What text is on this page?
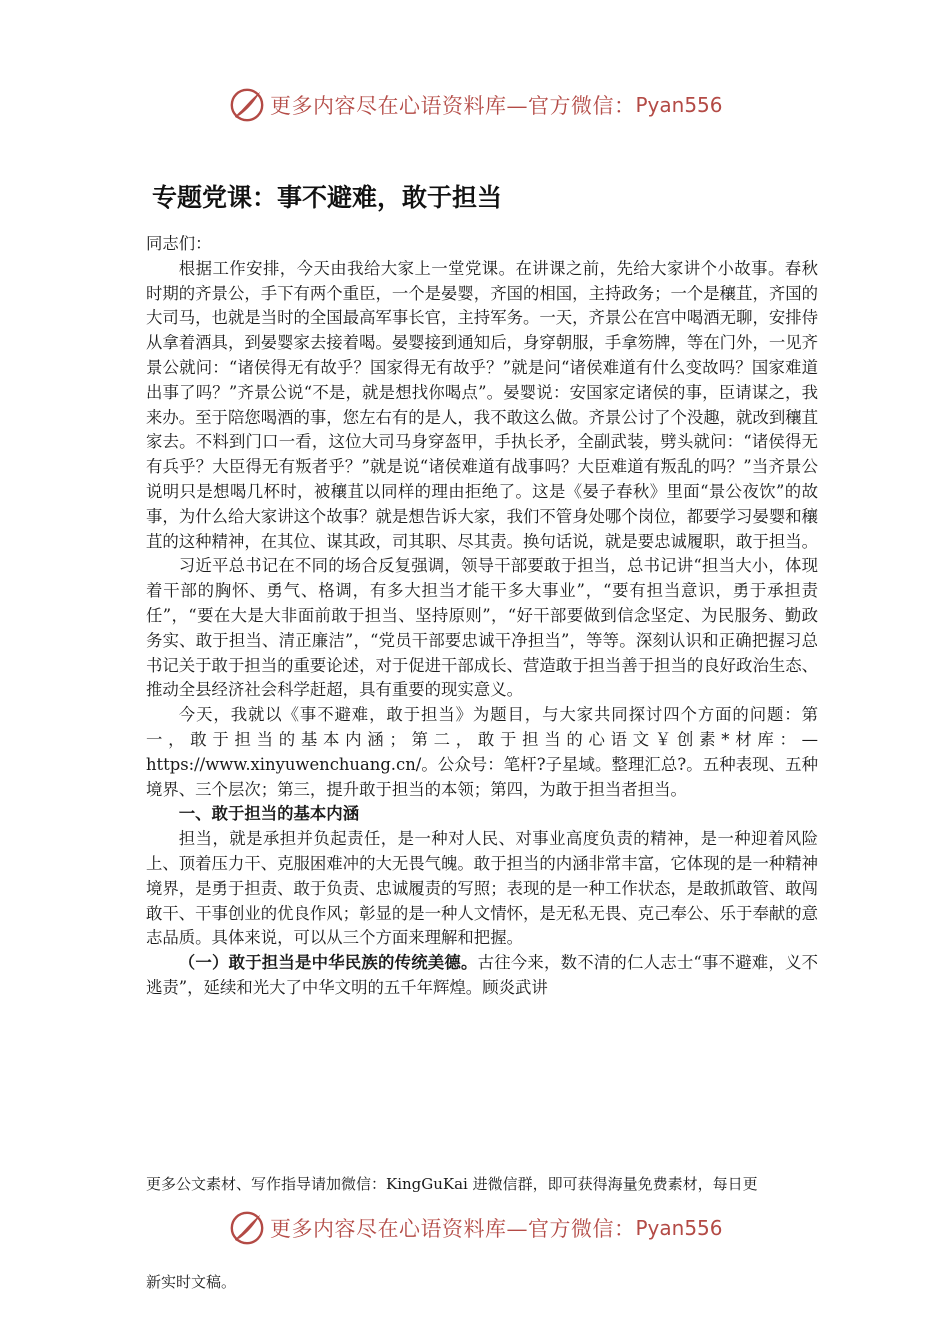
更多内容尽在心语资料库—官方微信： Pyan556
专题党课：事不避难，敢于担当

同志们：

根据工作安排，今天由我给大家上一堂党课。在讲课之前，先给大家讲个小故事。春秋时期的齐景公，手下有两个重臣，一个是晏婴，齐国的相国，主持政务；一个是穰苴，齐国的大司马，也就是当时的全国最高军事长官，主持军务。一天，齐景公在宫中喝酒无聊，安排侍从拿着酒具，到晏婴家去接着喝。晏婴接到通知后，身穿朝服，手拿笏牌，等在门外，一见齐景公就问：“诸侯得无有故乎？国家得无有故乎？”就是问“诸侯难道有什么变故吗？国家难道出事了吗？”齐景公说“不是，就是想找你喝点”。晏婴说：安国家定诸侯的事，臣请谋之，我来办。至于陪您喝酒的事，您左右有的是人，我不敢这么做。齐景公讨了个没趣，就改到穰苴家去。不料到门口一看，这位大司马身穿盔甲，手执长矛，全副武装，劈头就问：“诸侯得无有兵乎？大臣得无有叛者乎？”就是说“诸侯难道有战事吗？大臣难道有叛乱的吗？”当齐景公说明只是想喝几杯时，被穰苴以同样的理由拒绝了。这是《晏子春秋》里面“景公夜饮”的故事，为什么给大家讲这个故事？就是想告诉大家，我们不管身处哪个岗位，都要学习晏婴和穰苴的这种精神，在其位、谋其政，司其职、尽其责。换句话说，就是要忠诚履职，敢于担当。

习近平总书记在不同的场合反复强调，领导干部要敢于担当，总书记讲“担当大小，体现着干部的胸怀、勇气、格调，有多大担当才能干多大事业”，“要有担当意识，勇于承担责任”，“要在大是大非面前敢于担当、坚持原则”，“好干部要做到信念坚定、为民服务、勤政务实、敢于担当、清正廉洁”，“党员干部要忠诚干净担当”，等等。深刻认识和正确把握习总书记关于敢于担当的重要论述，对于促进干部成长、营造敢于担当善于担当的良好政治生态、推动全县经济社会科学赶超，具有重要的现实意义。

今天，我就以《事不避难，敢于担当》为题目，与大家共同探讨四个方面的问题：第一，敢于担当的基本内涵；第二，敢于担当的心语文￥创素*材库：—https://www.xinyuwenchuang.cn/。公众号：笔杆?子星域。整理汇总?。五种表现、五种境界、三个层次；第三，提升敢于担当的本领；第四，为敢于担当者担当。

一、敢于担当的基本内涵

担当，就是承担并负起责任，是一种对人民、对事业高度负责的精神，是一种迎着风险上、顶着压力干、克服困难冲的大无畏气魄。敢于担当的内涵非常丰富，它体现的是一种精神境界，是勇于担责、敢于负责、忠诚履责的写照；表现的是一种工作状态，是敢抓敢管、敢闯敢干、干事创业的优良作风；彰显的是一种人文情怀，是无私无畏、克己奉公、乐于奉献的意志品质。具体来说，可以从三个方面来理解和把握。

（一）敢于担当是中华民族的传统美德。古往今来，数不清的仁人志士“事不避难，义不逃责”，延续和光大了中华文明的五千年辉煌。顾炎武讲

更多公文素材、写作指导请加微信：KingGuKai 进微信群，即可获得海量免费素材，每日更
更多内容尽在心语资料库—官方微信： Pyan556
新实时文稿。
